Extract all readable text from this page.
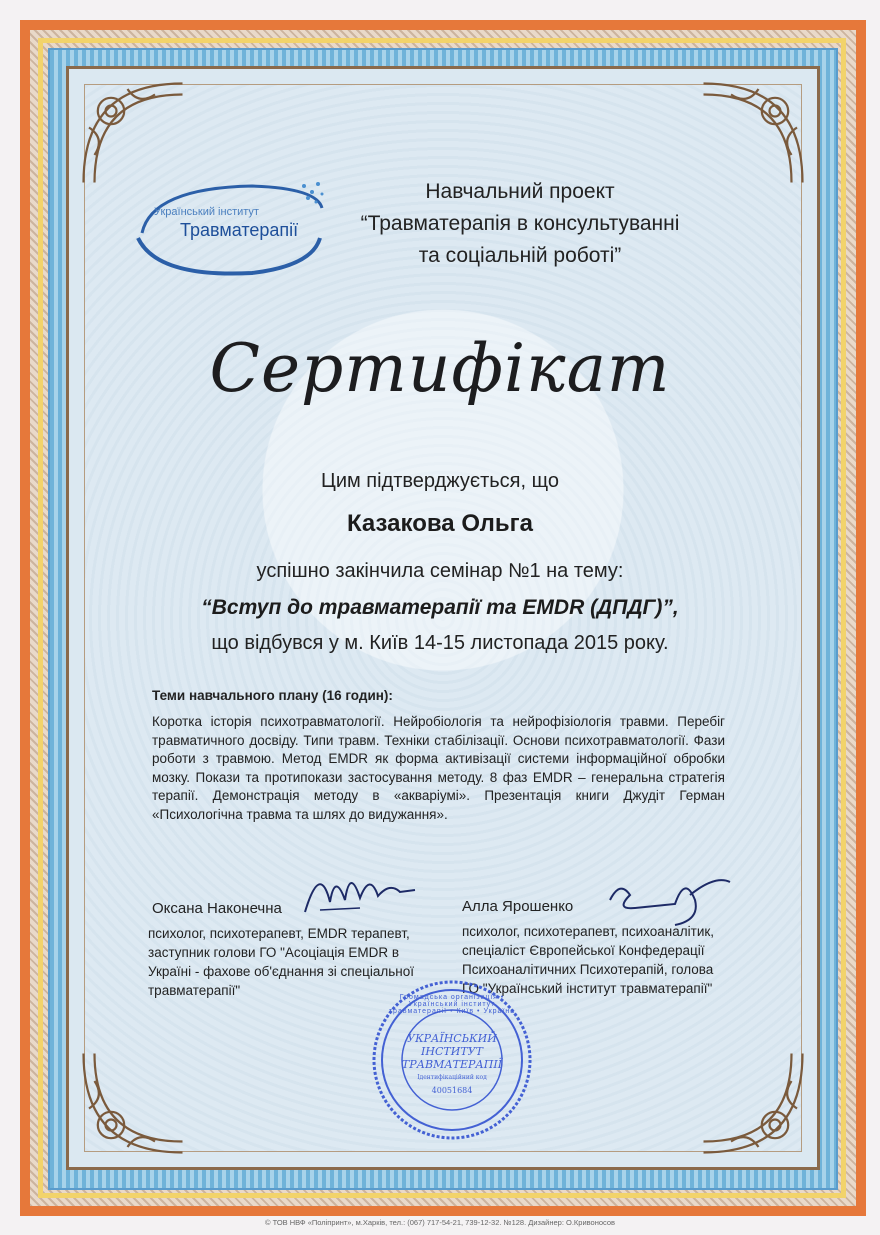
Український інститут
Травматерапії
Навчальний проект
“Травматерапія в консультуванні
та соціальній роботі”
Сертифікат
Цим підтверджується, що
Казакова Ольга
успішно закінчила семінар №1 на тему:
“Вступ до травматерапії та EMDR (ДПДГ)”,
що відбувся у м. Київ 14-15 листопада 2015 року.
Теми навчального плану (16 годин):
Коротка історія психотравматології. Нейробіологія та нейрофізіологія травми. Перебіг травматичного досвіду. Типи травм. Техніки стабілізації. Основи психотравматології. Фази роботи з травмою. Метод EMDR як форма активізації системи інформаційної обробки мозку. Покази та протипокази застосування методу. 8 фаз EMDR – генеральна стратегія терапії. Демонстрація методу в «акваріумі». Презентація книги Джудіт Герман «Психологічна травма та шлях до видужання».
Оксана Наконечна
психолог, психотерапевт, EMDR терапевт,
заступник голови ГО "Асоціація EMDR в
Україні - фахове об'єднання зі спеціальної
травматерапії"
Алла Ярошенко
психолог, психотерапевт, психоаналітик,
спеціаліст Європейської Конфедерації
Психоаналітичних Психотерапій, голова
ГО "Український інститут травматерапії"
Громадська організація • Український інститут травматерапії • Київ • Україна
УКРАЇНСЬКИЙ
ІНСТИТУТ
ТРАВМАТЕРАПІЇ
Ідентифікаційний код
40051684
© ТОВ НВФ «Поліпринт», м.Харків, тел.: (067) 717-54-21, 739-12-32. №128. Дизайнер: О.Кривоносов
